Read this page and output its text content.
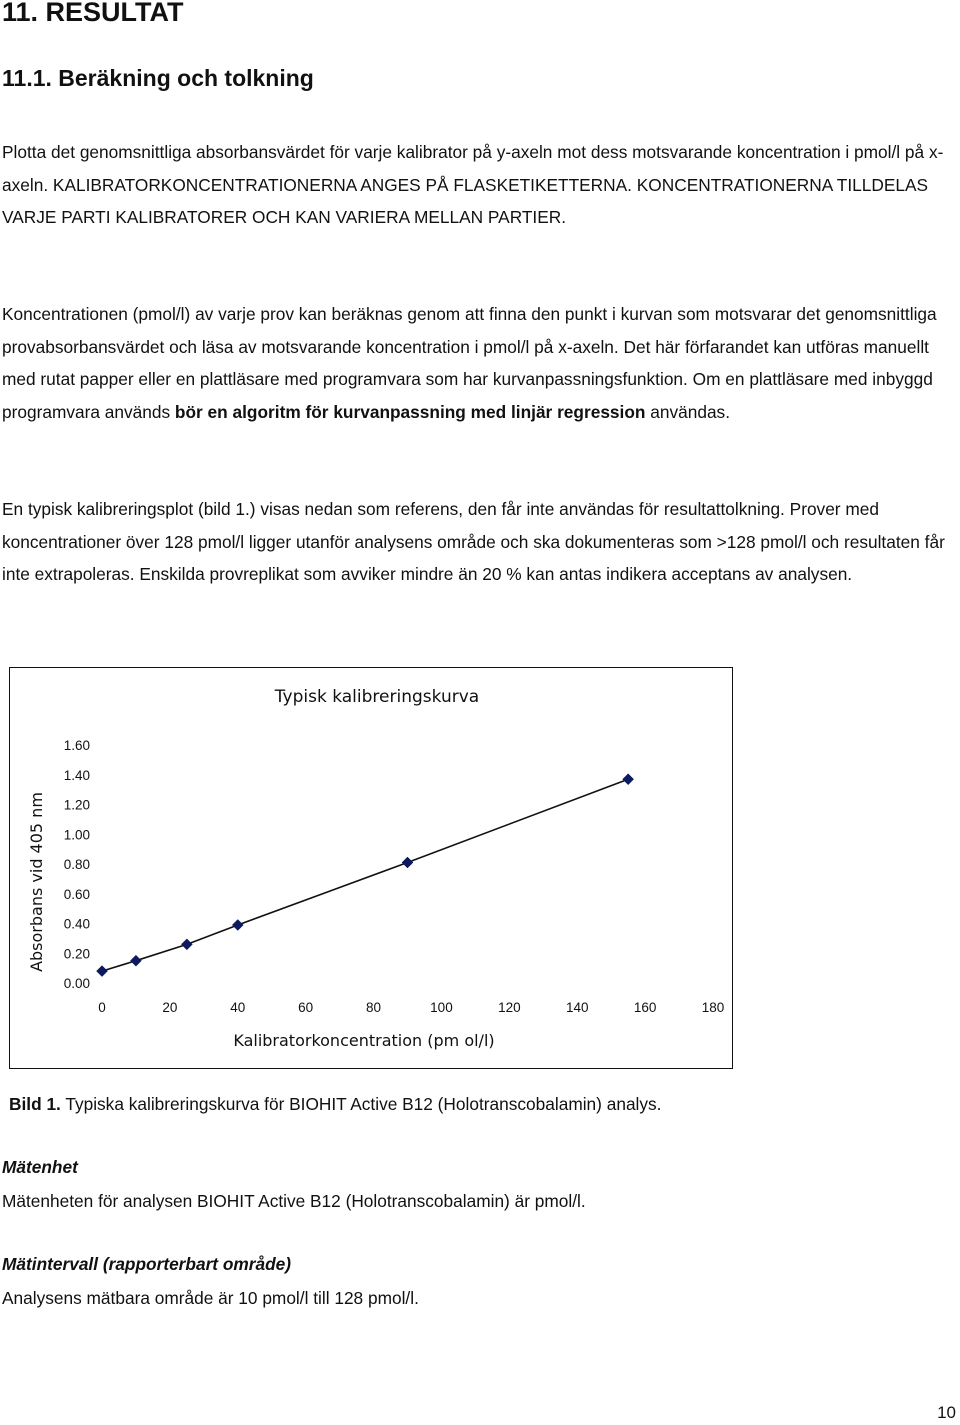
11. RESULTAT
11.1. Beräkning och tolkning

Plotta det genomsnittliga absorbansvärdet för varje kalibrator på y-axeln mot dess motsvarande koncentration i pmol/l på x-axeln. KALIBRATORKONCENTRATIONERNA ANGES PÅ FLASKETIKETTERNA. KONCENTRATIONERNA TILLDELAS VARJE PARTI KALIBRATORER OCH KAN VARIERA MELLAN PARTIER.

Koncentrationen (pmol/l) av varje prov kan beräknas genom att finna den punkt i kurvan som motsvarar det genomsnittliga provabsorbansvärdet och läsa av motsvarande koncentration i pmol/l på x-axeln. Det här förfarandet kan utföras manuellt med rutat papper eller en plattläsare med programvara som har kurvanpassningsfunktion. Om en plattläsare med inbyggd programvara används bör en algoritm för kurvanpassning med linjär regression användas.

En typisk kalibreringsplot (bild 1.) visas nedan som referens, den får inte användas för resultattolkning. Prover med koncentrationer över 128 pmol/l ligger utanför analysens område och ska dokumenteras som >128 pmol/l och resultaten får inte extrapoleras. Enskilda provreplikat som avviker mindre än 20 % kan antas indikera acceptans av analysen.

Typisk kalibreringskurva
0.00
0.20
0.40
0.60
0.80
1.00
1.20
1.40
1.60
0	20	40	60	80	100	120	140	160	180
Absorbans vid 405 nm
Kalibratorkoncentration (pm ol/l)

Bild 1. Typiska kalibreringskurva för BIOHIT Active B12 (Holotranscobalamin) analys.

Mätenhet

Mätenheten för analysen BIOHIT Active B12 (Holotranscobalamin) är pmol/l.

Mätintervall (rapporterbart område)

Analysens mätbara område är 10 pmol/l till 128 pmol/l.

10
